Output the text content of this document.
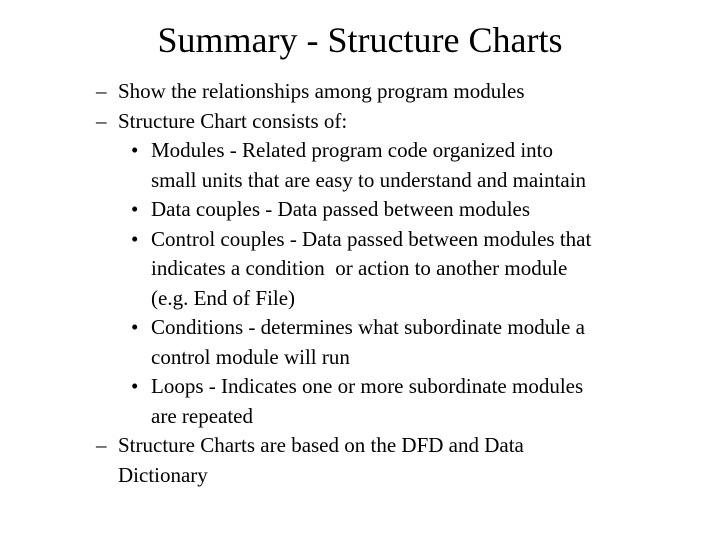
Summary - Structure Charts
– Show the relationships among program modules
– Structure Chart consists of:
• Modules - Related program code organized into
small units that are easy to understand and maintain
• Data couples - Data passed between modules
• Control couples - Data passed between modules that
indicates a condition  or action to another module
(e.g. End of File)
• Conditions - determines what subordinate module a
control module will run
• Loops - Indicates one or more subordinate modules
are repeated
– Structure Charts are based on the DFD and Data
Dictionary
